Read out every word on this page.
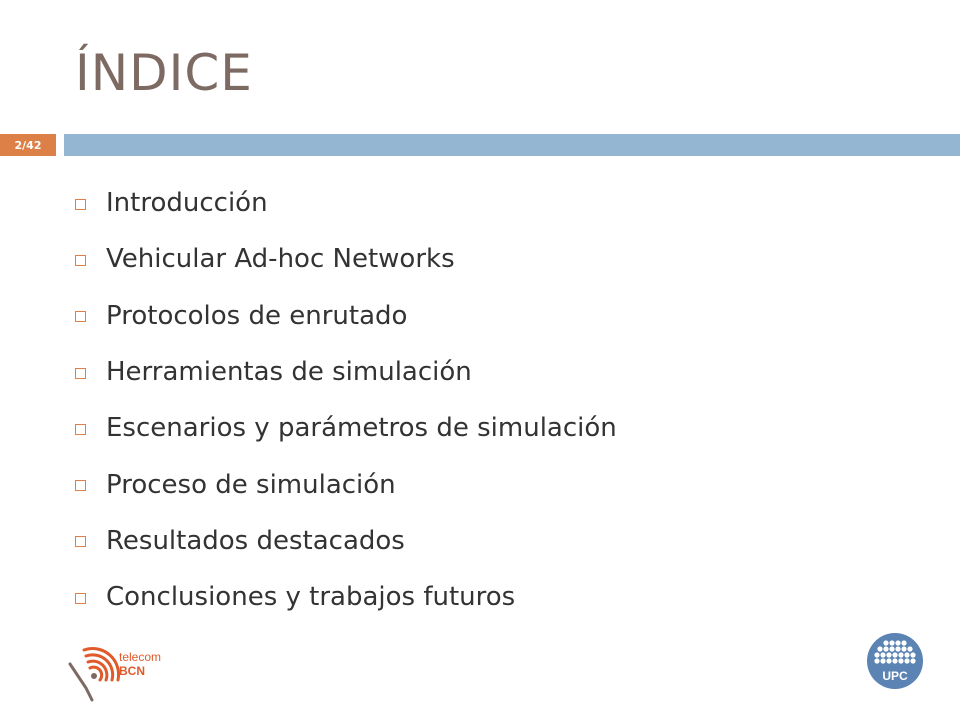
ÍNDICE
2/42
Introducción
Vehicular Ad-hoc Networks
Protocolos de enrutado
Herramientas de simulación
Escenarios y parámetros de simulación
Proceso de simulación
Resultados destacados
Conclusiones y trabajos futuros
telecom
BCN	UPC
